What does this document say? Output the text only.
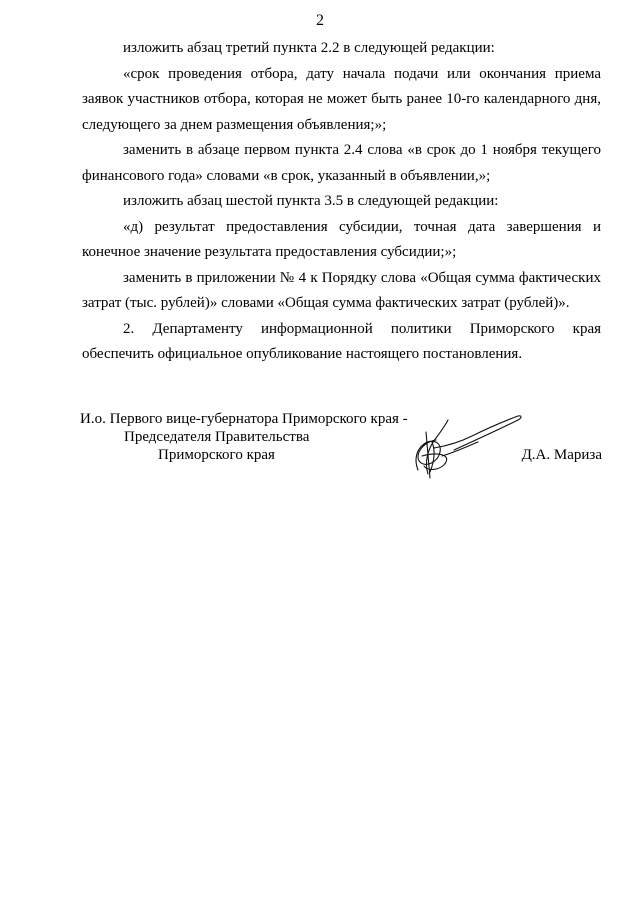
2

изложить абзац третий пункта 2.2 в следующей редакции:

«срок проведения отбора, дату начала подачи или окончания приема заявок участников отбора, которая не может быть ранее 10-го календарного дня, следующего за днем размещения объявления;»;

заменить в абзаце первом пункта 2.4 слова «в срок до 1 ноября текущего финансового года» словами «в срок, указанный в объявлении,»;

изложить абзац шестой пункта 3.5 в следующей редакции:

«д) результат предоставления субсидии, точная дата завершения и конечное значение результата предоставления субсидии;»;

заменить в приложении № 4 к Порядку слова «Общая сумма фактических затрат (тыс. рублей)» словами «Общая сумма фактических затрат (рублей)».

2. Департаменту информационной политики Приморского края обеспечить официальное опубликование настоящего постановления.

И.о. Первого вице-губернатора Приморского края -
Председателя Правительства
Приморского края	Д.А. Мариза
